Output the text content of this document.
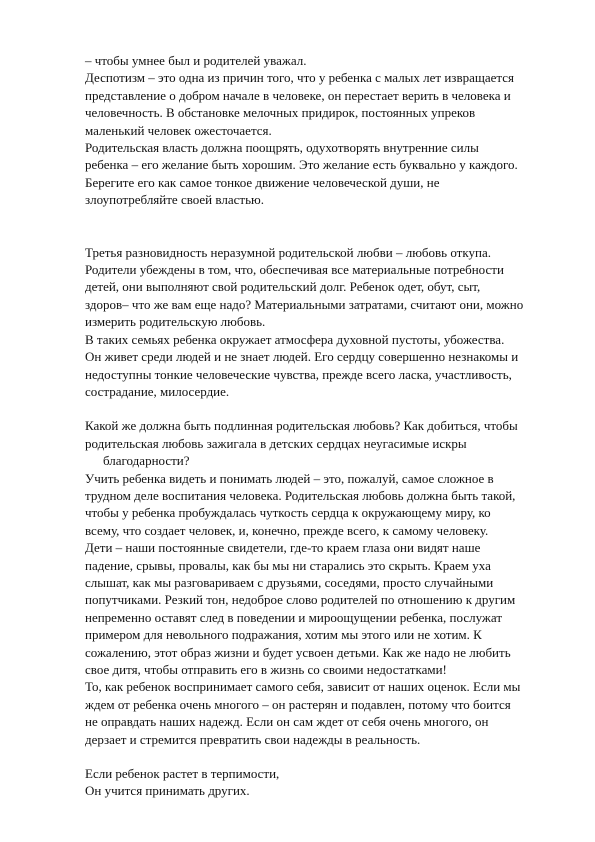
– чтобы умнее был и родителей уважал.
Деспотизм – это одна из причин того, что у ребенка с малых лет извращается
представление о добром начале в человеке, он перестает верить в человека и
человечность. В обстановке мелочных придирок, постоянных упреков
маленький человек ожесточается.
Родительская власть должна поощрять, одухотворять внутренние силы
ребенка – его желание быть хорошим. Это желание есть буквально у каждого.
Берегите его как самое тонкое движение человеческой души, не
злоупотребляйте своей властью.
Третья разновидность неразумной родительской любви – любовь откупа.
Родители убеждены в том, что, обеспечивая все материальные потребности
детей, они выполняют свой родительский долг. Ребенок одет, обут, сыт,
здоров– что же вам еще надо? Материальными затратами, считают они, можно
измерить родительскую любовь.
В таких семьях ребенка окружает атмосфера духовной пустоты, убожества.
Он живет среди людей и не знает людей. Его сердцу совершенно незнакомы и
недоступны тонкие человеческие чувства, прежде всего ласка, участливость,
сострадание, милосердие.
Какой же должна быть подлинная родительская любовь? Как добиться, чтобы
родительская любовь зажигала в детских сердцах неугасимые искры
благодарности?
Учить ребенка видеть и понимать людей – это, пожалуй, самое сложное в
трудном деле воспитания человека. Родительская любовь должна быть такой,
чтобы у ребенка пробуждалась чуткость сердца к окружающему миру, ко
всему, что создает человек, и, конечно, прежде всего, к самому человеку.
Дети – наши постоянные свидетели, где-то краем глаза они видят наше
падение, срывы, провалы, как бы мы ни старались это скрыть. Краем уха
слышат, как мы разговариваем с друзьями, соседями, просто случайными
попутчиками. Резкий тон, недоброе слово родителей по отношению к другим
непременно оставят след в поведении и мироощущении ребенка, послужат
примером для невольного подражания, хотим мы этого или не хотим. К
сожалению, этот образ жизни и будет усвоен детьми. Как же надо не любить
свое дитя, чтобы отправить его в жизнь со своими недостатками!
То, как ребенок воспринимает самого себя, зависит от наших оценок. Если мы
ждем от ребенка очень многого – он растерян и подавлен, потому что боится
не оправдать наших надежд. Если он сам ждет от себя очень многого, он
дерзает и стремится превратить свои надежды в реальность.
Если ребенок растет в терпимости,
Он учится принимать других.
